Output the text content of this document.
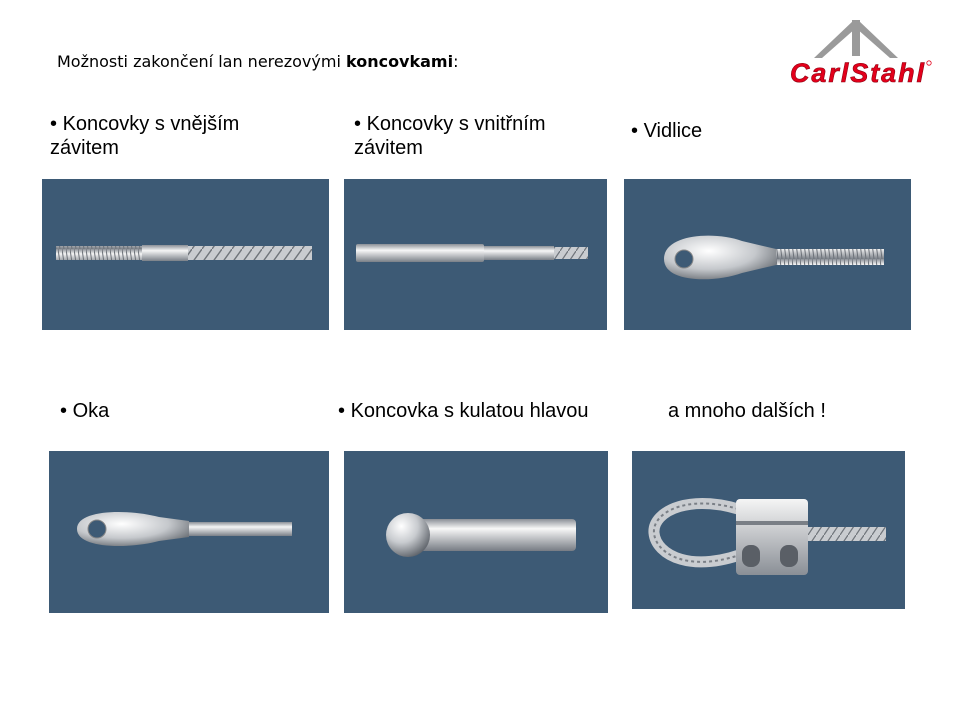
Možnosti zakončení lan nerezovými koncovkami:	CarlStahl
• Koncovky s vnějším
závitem
• Koncovky s vnitřním
závitem
• Vidlice
• Oka	• Koncovka s kulatou hlavou	a mnoho dalších !
